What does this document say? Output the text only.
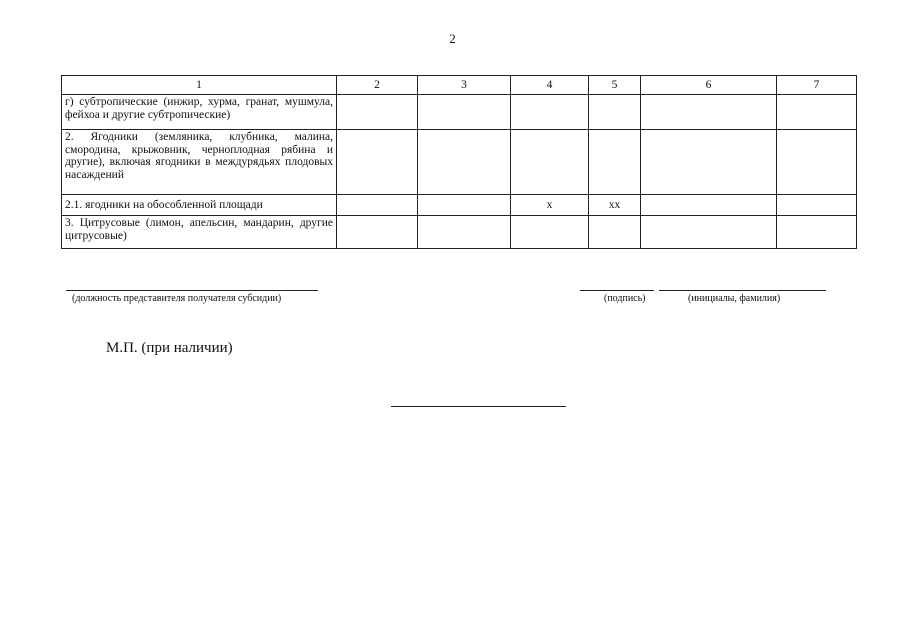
2
1	2	3	4	5	6	7
г) субтропические (инжир, хурма, гранат, мушмула, фейхоа и другие субтропические)						
2. Ягодники (земляника, клубника, малина, смородина, крыжовник, черноплодная рябина и другие), включая ягодники в междурядьях плодовых насаждений						
2.1. ягодники на обособленной площади			x	xx		
3. Цитрусовые (лимон, апельсин, мандарин, другие цитрусовые)						
(должность представителя получателя субсидии)	(подпись)	(инициалы, фамилия)
М.П. (при наличии)
